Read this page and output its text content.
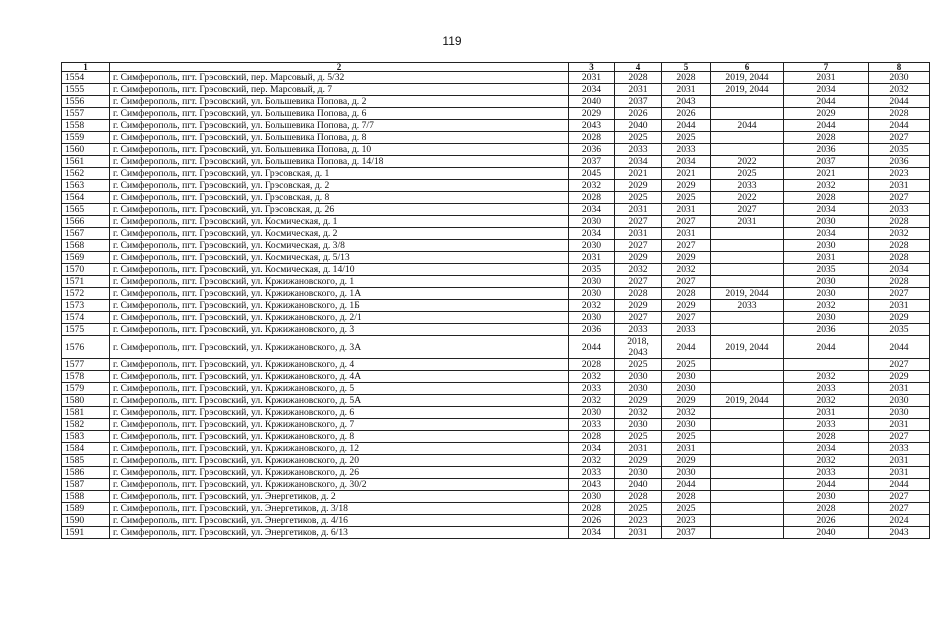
119
1	2	3	4	5	6	7	8
1554	г. Симферополь, пгт. Грэсовский, пер. Марсовый, д. 5/32	2031	2028	2028	2019, 2044	2031	2030
1555	г. Симферополь, пгт. Грэсовский, пер. Марсовый, д. 7	2034	2031	2031	2019, 2044	2034	2032
1556	г. Симферополь, пгт. Грэсовский, ул. Большевика Попова, д. 2	2040	2037	2043		2044	2044
1557	г. Симферополь, пгт. Грэсовский, ул. Большевика Попова, д. 6	2029	2026	2026		2029	2028
1558	г. Симферополь, пгт. Грэсовский, ул. Большевика Попова, д. 7/7	2043	2040	2044	2044	2044	2044
1559	г. Симферополь, пгт. Грэсовский, ул. Большевика Попова, д. 8	2028	2025	2025		2028	2027
1560	г. Симферополь, пгт. Грэсовский, ул. Большевика Попова, д. 10	2036	2033	2033		2036	2035
1561	г. Симферополь, пгт. Грэсовский, ул. Большевика Попова, д. 14/18	2037	2034	2034	2022	2037	2036
1562	г. Симферополь, пгт. Грэсовский, ул. Грэсовская, д. 1	2045	2021	2021	2025	2021	2023
1563	г. Симферополь, пгт. Грэсовский, ул. Грэсовская, д. 2	2032	2029	2029	2033	2032	2031
1564	г. Симферополь, пгт. Грэсовский, ул. Грэсовская, д. 8	2028	2025	2025	2022	2028	2027
1565	г. Симферополь, пгт. Грэсовский, ул. Грэсовская, д. 26	2034	2031	2031	2027	2034	2033
1566	г. Симферополь, пгт. Грэсовский, ул. Космическая, д. 1	2030	2027	2027	2031	2030	2028
1567	г. Симферополь, пгт. Грэсовский, ул. Космическая, д. 2	2034	2031	2031		2034	2032
1568	г. Симферополь, пгт. Грэсовский, ул. Космическая, д. 3/8	2030	2027	2027		2030	2028
1569	г. Симферополь, пгт. Грэсовский, ул. Космическая, д. 5/13	2031	2029	2029		2031	2028
1570	г. Симферополь, пгт. Грэсовский, ул. Космическая, д. 14/10	2035	2032	2032		2035	2034
1571	г. Симферополь, пгт. Грэсовский, ул. Кржижановского, д. 1	2030	2027	2027		2030	2028
1572	г. Симферополь, пгт. Грэсовский, ул. Кржижановского, д. 1А	2030	2028	2028	2019, 2044	2030	2027
1573	г. Симферополь, пгт. Грэсовский, ул. Кржижановского, д. 1Б	2032	2029	2029	2033	2032	2031
1574	г. Симферополь, пгт. Грэсовский, ул. Кржижановского, д. 2/1	2030	2027	2027		2030	2029
1575	г. Симферополь, пгт. Грэсовский, ул. Кржижановского, д. 3	2036	2033	2033		2036	2035
1576	г. Симферополь, пгт. Грэсовский, ул. Кржижановского, д. 3А	2044	2018, 2043	2044	2019, 2044	2044	2044
1577	г. Симферополь, пгт. Грэсовский, ул. Кржижановского, д. 4	2028	2025	2025			2027
1578	г. Симферополь, пгт. Грэсовский, ул. Кржижановского, д. 4А	2032	2030	2030		2032	2029
1579	г. Симферополь, пгт. Грэсовский, ул. Кржижановского, д. 5	2033	2030	2030		2033	2031
1580	г. Симферополь, пгт. Грэсовский, ул. Кржижановского, д. 5А	2032	2029	2029	2019, 2044	2032	2030
1581	г. Симферополь, пгт. Грэсовский, ул. Кржижановского, д. 6	2030	2032	2032		2031	2030
1582	г. Симферополь, пгт. Грэсовский, ул. Кржижановского, д. 7	2033	2030	2030		2033	2031
1583	г. Симферополь, пгт. Грэсовский, ул. Кржижановского, д. 8	2028	2025	2025		2028	2027
1584	г. Симферополь, пгт. Грэсовский, ул. Кржижановского, д. 12	2034	2031	2031		2034	2033
1585	г. Симферополь, пгт. Грэсовский, ул. Кржижановского, д. 20	2032	2029	2029		2032	2031
1586	г. Симферополь, пгт. Грэсовский, ул. Кржижановского, д. 26	2033	2030	2030		2033	2031
1587	г. Симферополь, пгт. Грэсовский, ул. Кржижановского, д. 30/2	2043	2040	2044		2044	2044
1588	г. Симферополь, пгт. Грэсовский, ул. Энергетиков, д. 2	2030	2028	2028		2030	2027
1589	г. Симферополь, пгт. Грэсовский, ул. Энергетиков, д. 3/18	2028	2025	2025		2028	2027
1590	г. Симферополь, пгт. Грэсовский, ул. Энергетиков, д. 4/16	2026	2023	2023		2026	2024
1591	г. Симферополь, пгт. Грэсовский, ул. Энергетиков, д. 6/13	2034	2031	2037		2040	2043
